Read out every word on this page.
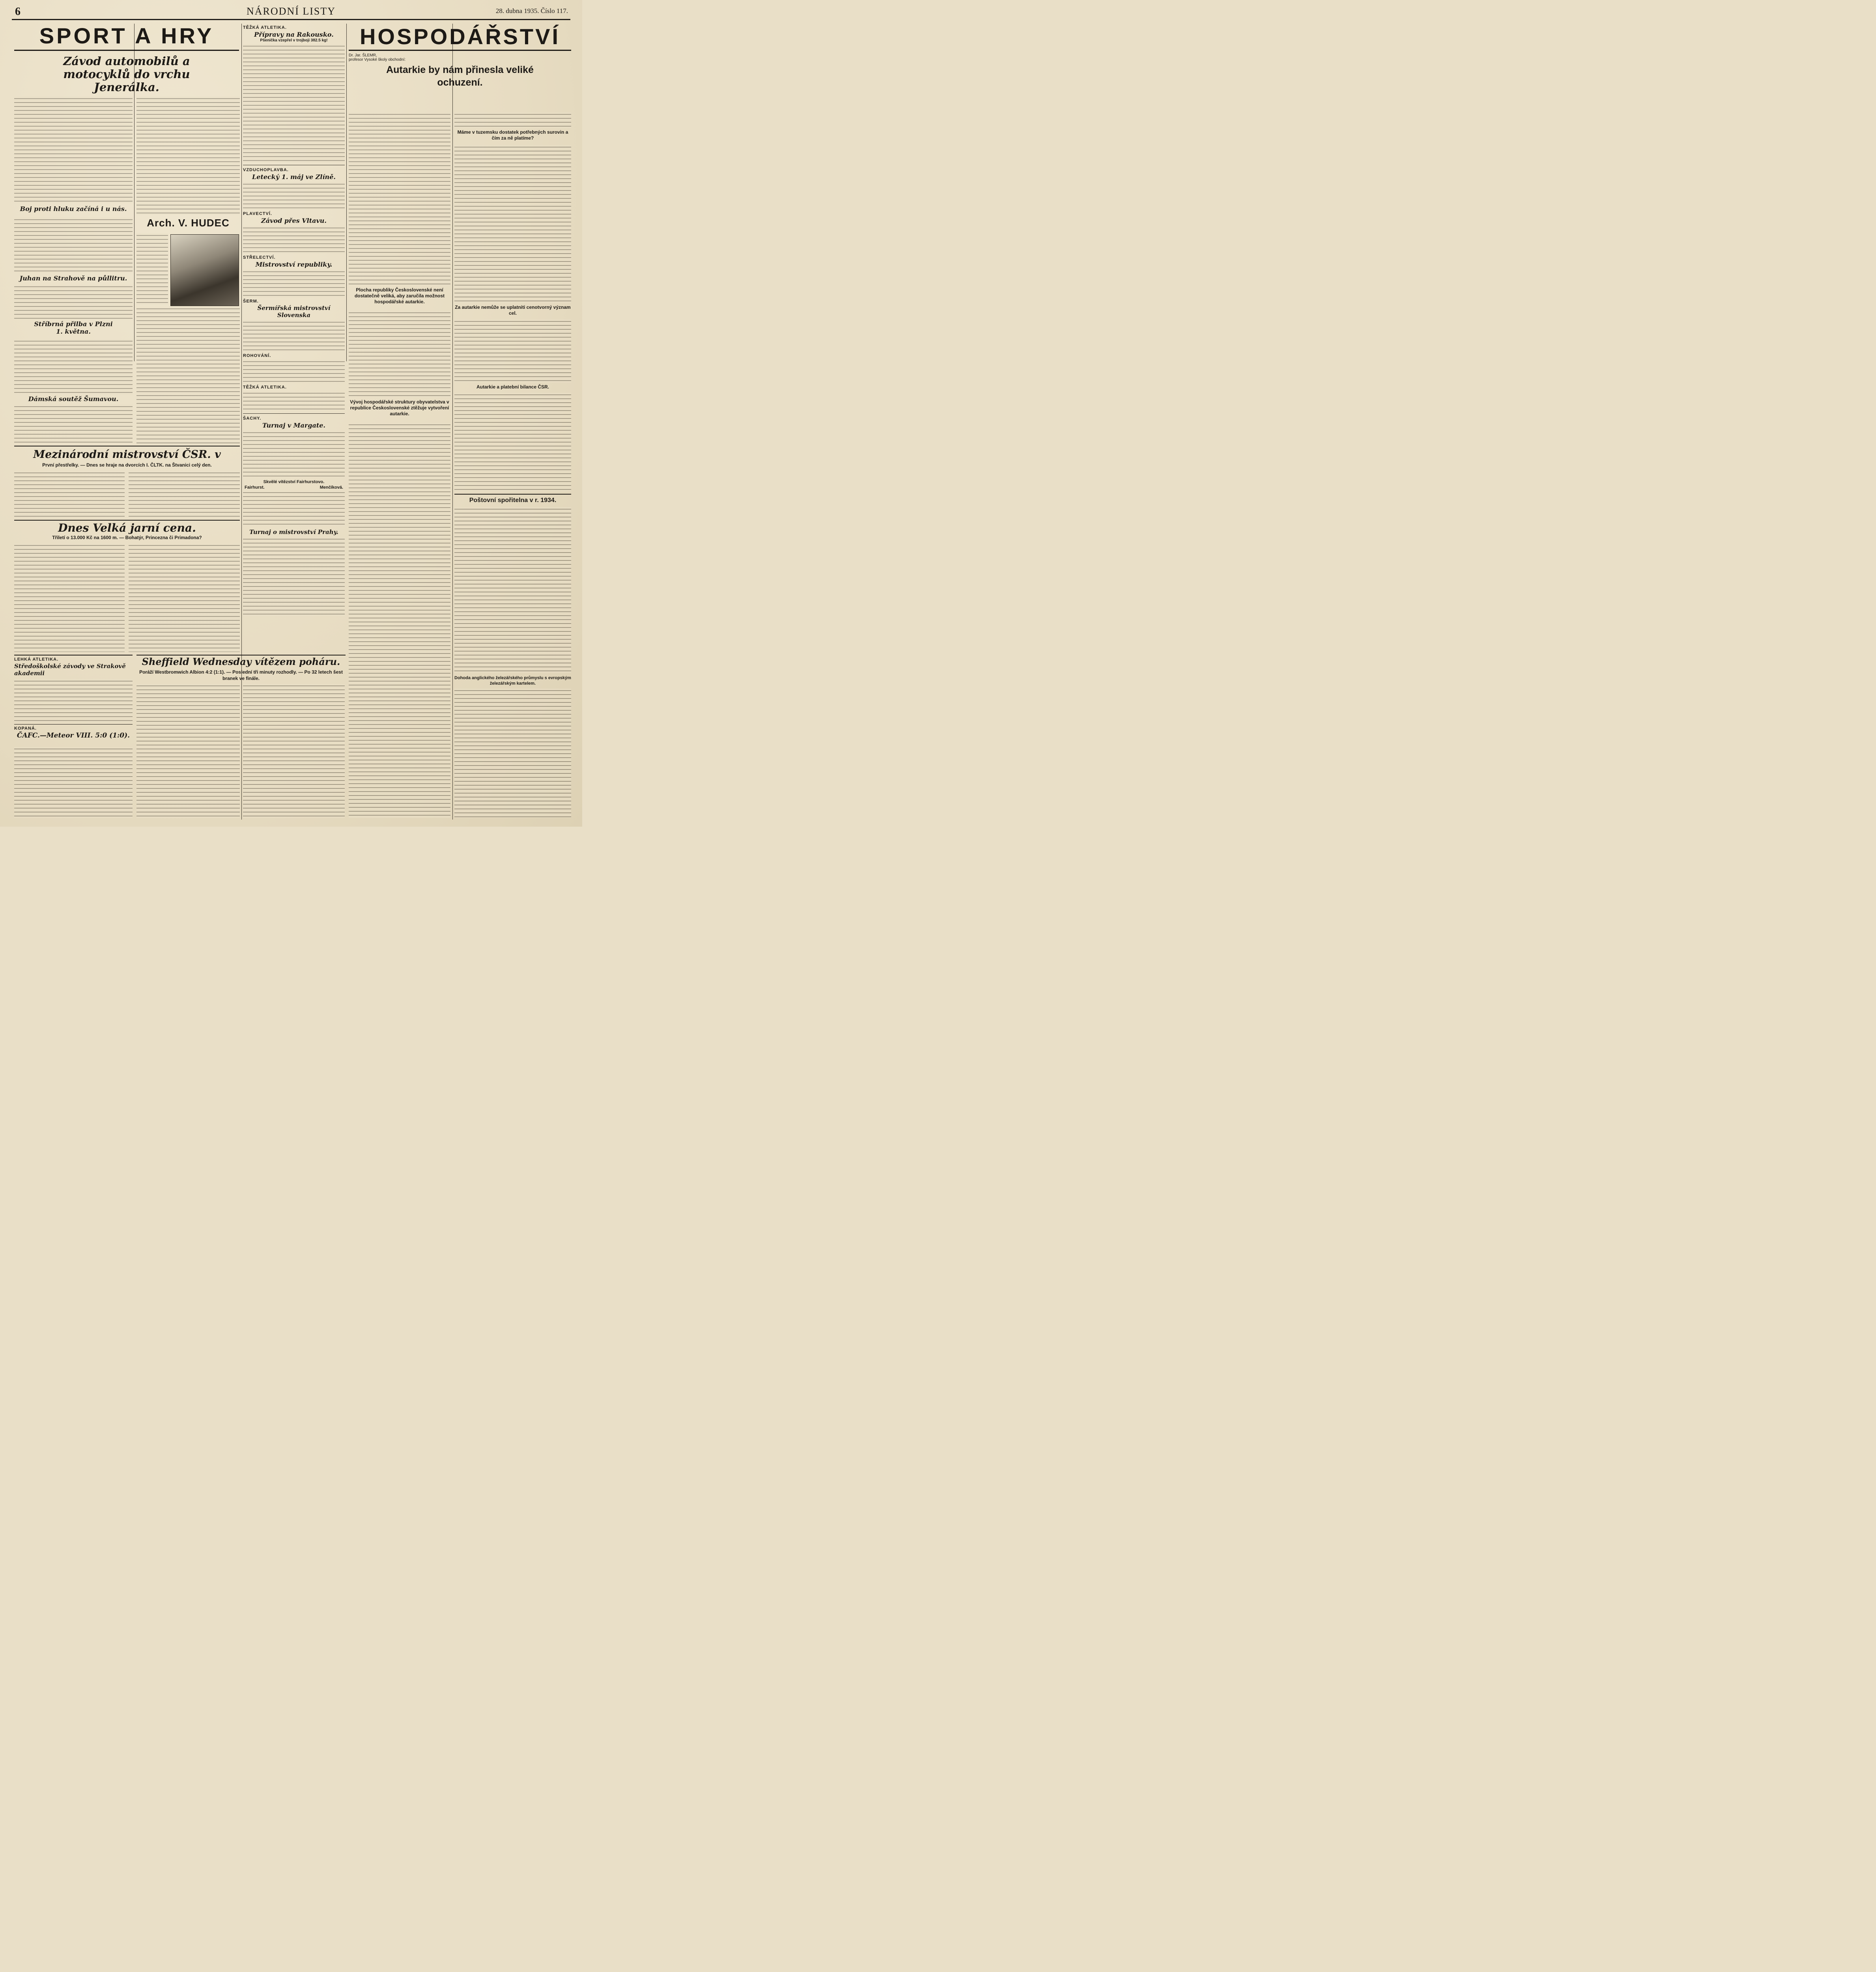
6	NÁRODNÍ LISTY	28. dubna 1935. Číslo 117.
SPORT A HRY
Závod automobilů a motocyklů do vrchu Jenerálka.
Boj proti hluku začíná i u nás.
Juhan na Strahově na půllitru.
Stříbrná přilba v Plzni 1. května.
Dámská soutěž Šumavou.
Arch. V. HUDEC
Mezinárodní mistrovství ČSR. v
První přestřelky. — Dnes se hraje na dvorcích I. ČLTK. na Štvanici celý den.
Dnes Velká jarní cena.
Třiletí o 13.000 Kč na 1600 m. — Bohatýr, Princezna či Primadona?
LEHKÁ ATLETIKA.
Středoškolské závody ve Strakově akademii
KOPANÁ.
ČAFC.—Meteor VIII. 5:0 (1:0).
Sheffield Wednesday vítězem poháru.
Poráží Westbromwich Albion 4:2 (1:1). — Poslední tři minuty rozhodly. — Po 32 letech šest branek ve finále.
TĚŽKÁ ATLETIKA.
Přípravy na Rakousko.
Pšenička vzepřel v trojboji 382.5 kg!
VZDUCHOPLAVBA.
Letecký 1. máj ve Zlíně.
PLAVECTVÍ.
Závod přes Vltavu.
STŘELECTVÍ.
Mistrovství republiky.
ŠERM.
Šermířská mistrovství Slovenska
ROHOVÁNÍ.
TĚŽKÁ ATLETIKA.
ŠACHY.
Turnaj v Margate.
Skvělé vítězství Fairhurstovo.
Fairhurst.	Menčíková.
Turnaj o mistrovství Prahy.
HOSPODÁŘSTVÍ
Dr. Jar. ŠLEMR,
profesor Vysoké školy obchodní:
Autarkie by nám přinesla veliké ochuzení.
Plocha republiky Československé není dostatečně veliká, aby zaručila možnost hospodářské autarkie.
Vývoj hospodářské struktury obyvatelstva v republice Československé ztěžuje vytvoření autarkie.
Máme v tuzemsku dostatek potřebných surovin a čím za ně platíme?
Za autarkie nemůže se uplatniti cenotvorný význam cel.
Autarkie a platební bilance ČSR.
Poštovní spořitelna v r. 1934.
Dohoda anglického železářského průmyslu s evropským železářským kartelem.
